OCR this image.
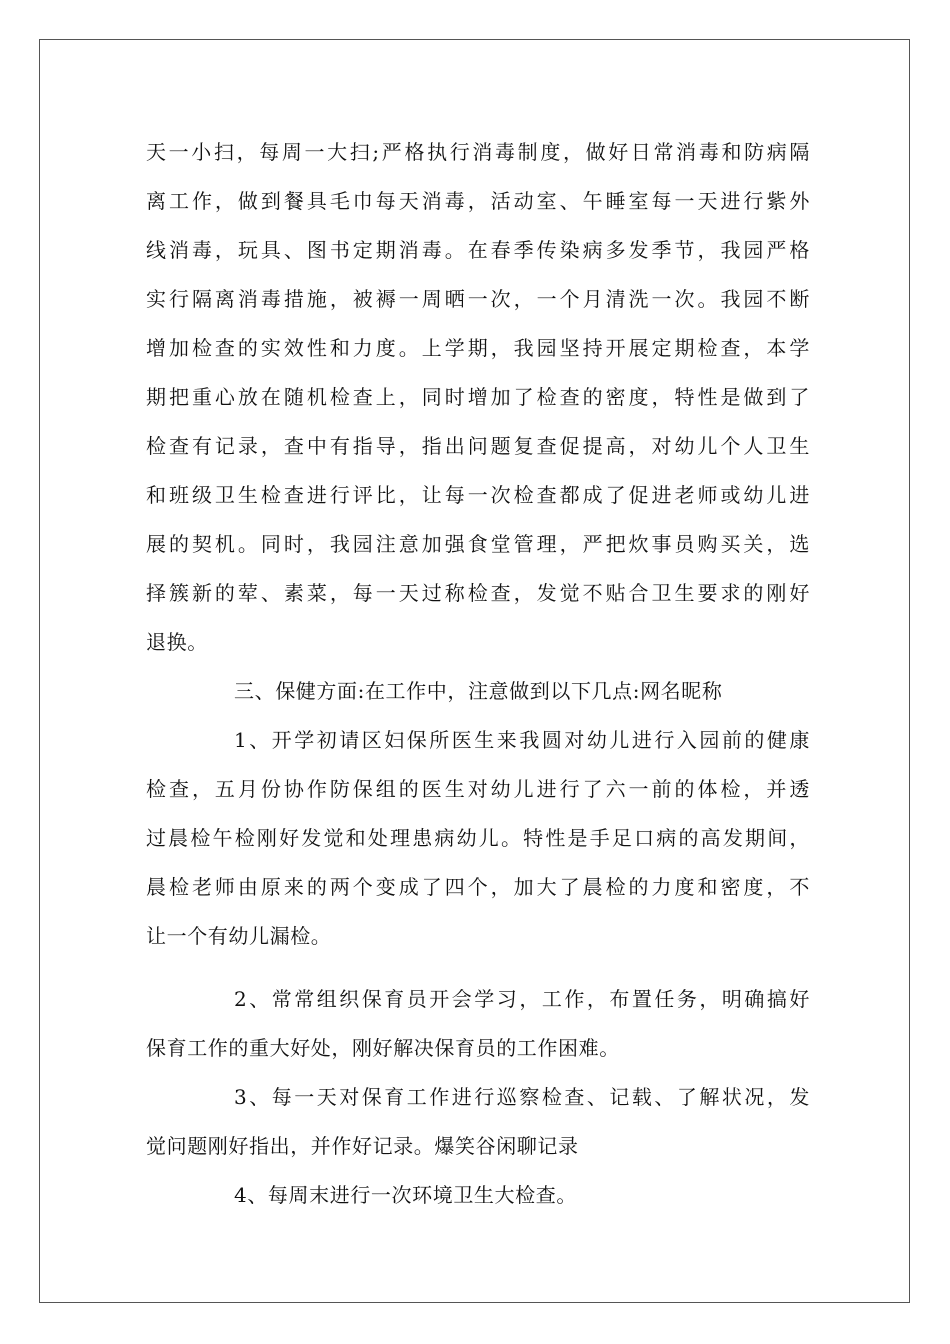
天一小扫，每周一大扫;严格执行消毒制度，做好日常消毒和防病隔
离工作，做到餐具毛巾每天消毒，活动室、午睡室每一天进行紫外
线消毒，玩具、图书定期消毒。在春季传染病多发季节，我园严格
实行隔离消毒措施，被褥一周晒一次，一个月清洗一次。我园不断
增加检查的实效性和力度。上学期，我园坚持开展定期检查，本学
期把重心放在随机检查上，同时增加了检查的密度，特性是做到了
检查有记录，查中有指导，指出问题复查促提高，对幼儿个人卫生
和班级卫生检查进行评比，让每一次检查都成了促进老师或幼儿进
展的契机。同时，我园注意加强食堂管理，严把炊事员购买关，选
择簇新的荤、素菜，每一天过称检查，发觉不贴合卫生要求的刚好
退换。
三、保健方面:在工作中，注意做到以下几点:网名昵称
1、开学初请区妇保所医生来我圆对幼儿进行入园前的健康
检查，五月份协作防保组的医生对幼儿进行了六一前的体检，并透
过晨检午检刚好发觉和处理患病幼儿。特性是手足口病的高发期间，
晨检老师由原来的两个变成了四个，加大了晨检的力度和密度，不
让一个有幼儿漏检。
2、常常组织保育员开会学习，工作，布置任务，明确搞好
保育工作的重大好处，刚好解决保育员的工作困难。
3、每一天对保育工作进行巡察检查、记载、了解状况，发
觉问题刚好指出，并作好记录。爆笑谷闲聊记录
4、每周末进行一次环境卫生大检查。
